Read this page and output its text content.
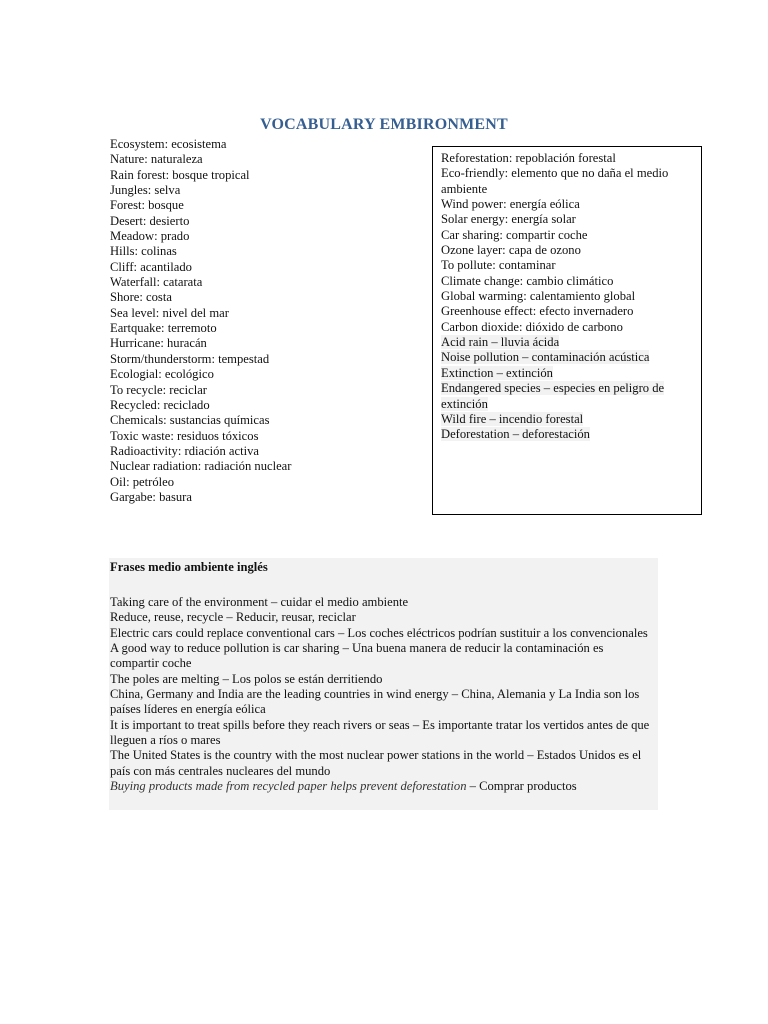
VOCABULARY EMBIRONMENT
Ecosystem: ecosistema
Nature: naturaleza
Rain forest: bosque tropical
Jungles: selva
Forest: bosque
Desert: desierto
Meadow: prado
Hills: colinas
Cliff: acantilado
Waterfall: catarata
Shore: costa
Sea level: nivel del mar
Eartquake: terremoto
Hurricane: huracán
Storm/thunderstorm: tempestad
Ecologial: ecológico
To recycle: reciclar
Recycled: reciclado
Chemicals: sustancias químicas
Toxic waste: residuos tóxicos
Radioactivity: rdiación activa
Nuclear radiation: radiación nuclear
Oil: petróleo
Gargabe: basura
Reforestation: repoblación forestal
Eco-friendly: elemento que no daña el medio ambiente
Wind power: energía eólica
Solar energy: energía solar
Car sharing: compartir coche
Ozone layer: capa de ozono
To pollute: contaminar
Climate change: cambio climático
Global warming: calentamiento global
Greenhouse effect: efecto invernadero
Carbon dioxide: dióxido de carbono
Acid rain – lluvia ácida
Noise pollution – contaminación acústica
Extinction – extinción
Endangered species – especies en peligro de extinción
Wild fire – incendio forestal
Deforestation – deforestación
Frases medio ambiente inglés
Taking care of the environment – cuidar el medio ambiente
Reduce, reuse, recycle – Reducir, reusar, reciclar
Electric cars could replace conventional cars – Los coches eléctricos podrían sustituir a los convencionales
A good way to reduce pollution is car sharing – Una buena manera de reducir la contaminación es compartir coche
The poles are melting – Los polos se están derritiendo
China, Germany and India are the leading countries in wind energy – China, Alemania y La India son los países líderes en energía eólica
It is important to treat spills before they reach rivers or seas – Es importante tratar los vertidos antes de que lleguen a ríos o mares
The United States is the country with the most nuclear power stations in the world – Estados Unidos es el país con más centrales nucleares del mundo
Buying products made from recycled paper helps prevent deforestation – Comprar productos
